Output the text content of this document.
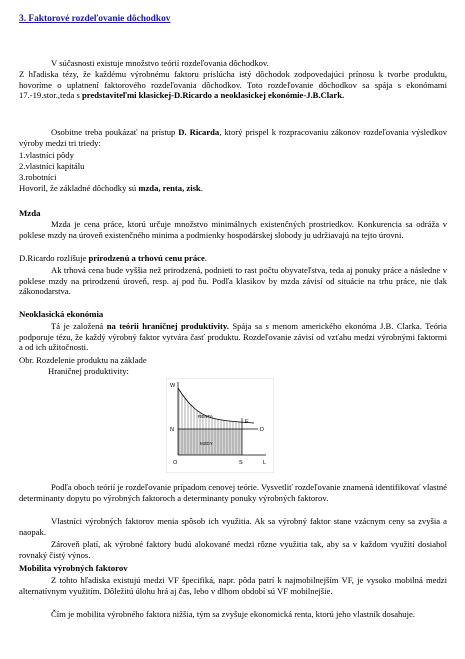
3. Faktorové rozdeľovanie dôchodkov

V súčasnosti existuje množstvo teórií rozdeľovania dôchodkov.

Z hľadiska tézy, že každému výrobnému faktoru prislúcha istý dôchodok zodpovedajúci prínosu k tvorbe produktu, hovoríme o uplatnení faktorového rozdeľovania dôchodkov. Toto rozdeľovanie dôchodkov sa spája s ekonómami 17.-19.stor.,teda s predstaviteľmi klasickej-D.Ricardo a neoklasickej ekonómie-J.B.Clark.

Osobitne treba poukázať na prístup D. Ricarda, ktorý prispel k rozpracovaniu zákonov rozdeľovania výsledkov výroby medzi tri triedy:

1.vlastníci pôdy
2.vlastníci kapitálu
3.robotníci
Hovoril, že základné dôchodky sú mzda, renta, zisk.
Mzda

Mzda je cena práce, ktorú určuje množstvo minimálnych existenčných prostriedkov. Konkurencia sa odráža v poklese mzdy na úroveň existenčného minima a podmienky hospodárskej slobody ju udržiavajú na tejto úrovni.

D.Ricardo rozlišuje prirodzenú a trhovú cenu práce.

Ak trhová cena bude vyššia než prirodzená, podnieti to rast počtu obyvateľstva, teda aj ponuky práce a následne v poklese mzdy na prirodzenú úroveň, resp. aj pod ňu. Podľa klasikov by mzda závisí od situácie na trhu práce, nie tlak zákonodarstva.

Neoklasická ekonómia

Tá je založená na teórii hraničnej produktivity. Spája sa s menom amerického ekonóma J.B. Clarka. Teória podporuje tézu, že každý výrobný faktor vytvára časť produktu. Rozdeľovanie závisí od vzťahu medzi výrobnými faktormi a od ich užitočnosti.

Obr. Rozdelenie produktu na základe
Hraničnej produktivity:
W
N
E
D
O	S	L
RENTA
MZDY

Podľa oboch teórií je rozdeľovanie prípadom cenovej teórie. Vysvetliť rozdeľovanie znamená identifikovať vlastné determinanty dopytu po výrobných faktoroch a determinanty ponuky výrobných faktorov.

Vlastníci výrobných faktorov menia spôsob ich využitia. Ak sa výrobný faktor stane vzácnym ceny sa zvyšia a naopak.

Zároveň platí, ak výrobné faktory budú alokované medzi rôzne využitia tak, aby sa v každom využití dosiahol rovnaký čistý výnos.

Mobilita výrobných faktorov

Z tohto hľadiska existujú medzi VF špecifiká, napr. pôda patrí k najmobilnejším VF, je vysoko mobilná medzi alternatívnym využitím. Dôležitú úlohu hrá aj čas, lebo v dlhom období sú VF mobilnejšie.

Čím je mobilita výrobného faktora nižšia, tým sa zvyšuje ekonomická renta, ktorú jeho vlastník dosahuje.
